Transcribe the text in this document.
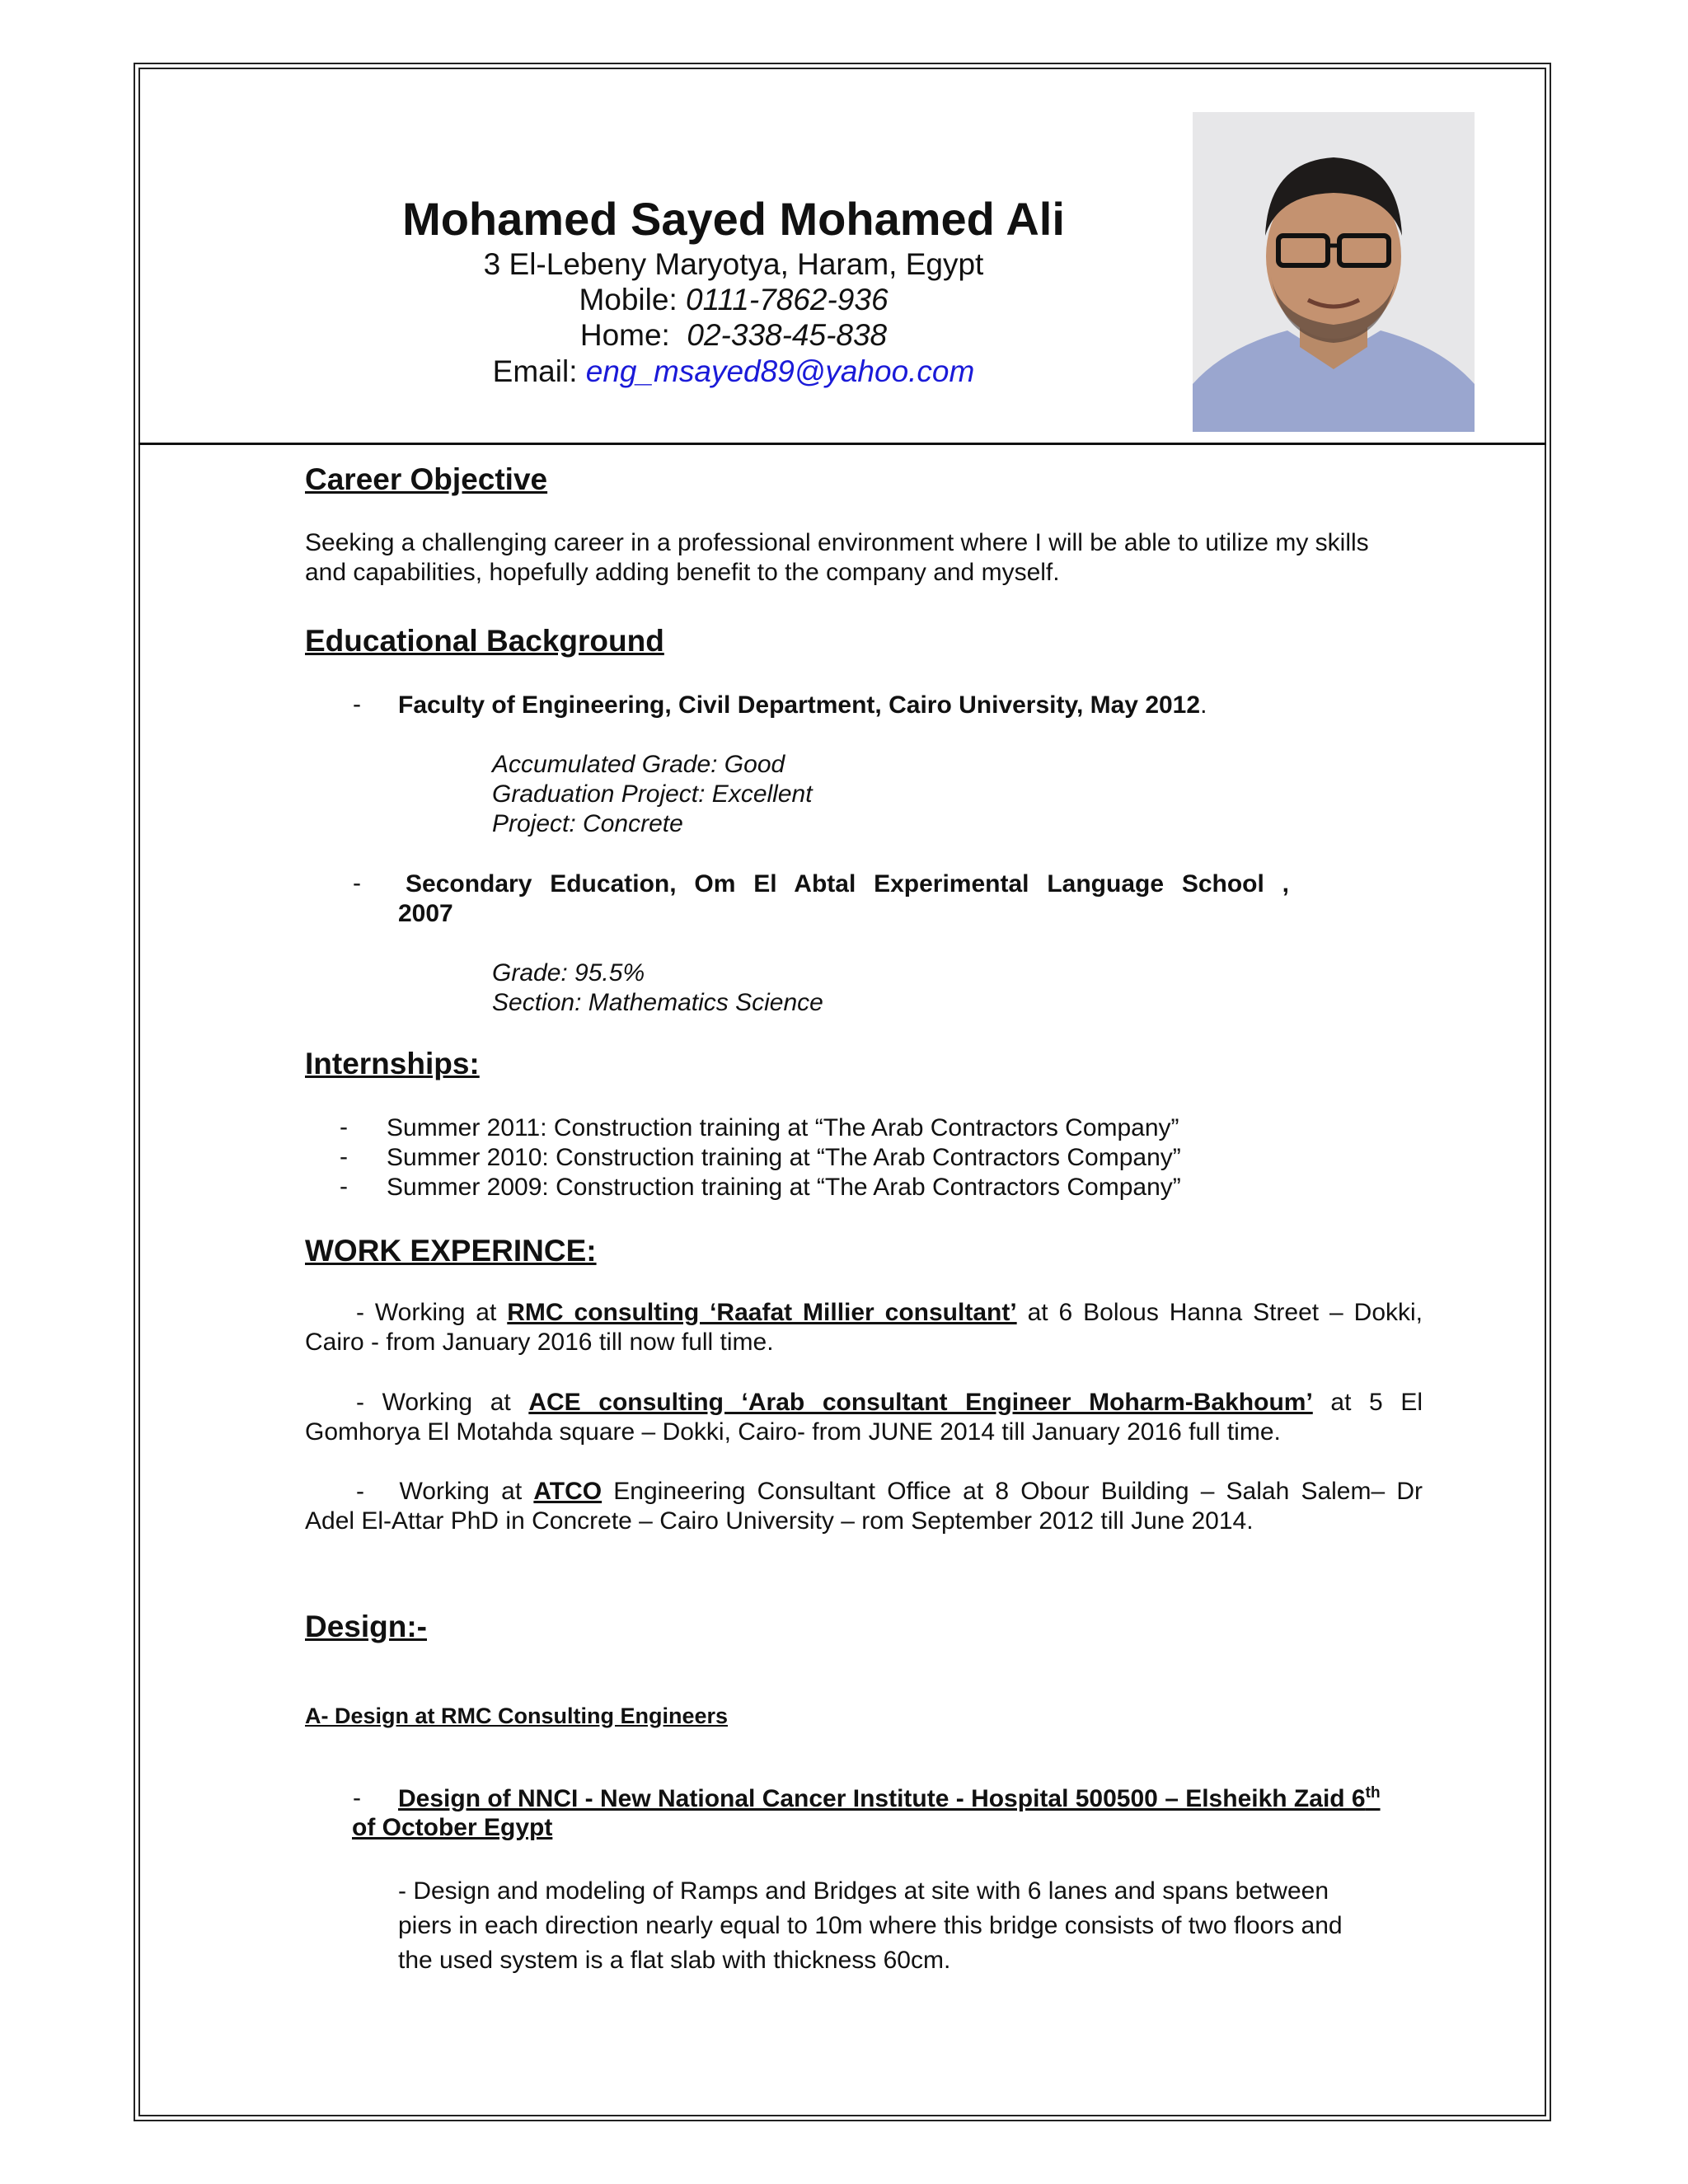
Mohamed Sayed Mohamed Ali
3 El-Lebeny Maryotya, Haram, Egypt
Mobile: 0111-7862-936
Home:  02-338-45-838
Email: eng_msayed89@yahoo.com
Career Objective
Seeking a challenging career in a professional environment where I will be able to utilize my skills
and capabilities, hopefully adding benefit to the company and myself.
Educational Background
- Faculty of Engineering, Civil Department, Cairo University, May 2012.
Accumulated Grade: Good
Graduation Project: Excellent
Project: Concrete
- Secondary Education, Om El Abtal Experimental Language School ,
2007
Grade: 95.5%
Section: Mathematics Science
Internships:
- Summer 2011: Construction training at “The Arab Contractors Company”
- Summer 2010: Construction training at “The Arab Contractors Company”
- Summer 2009: Construction training at “The Arab Contractors Company”
WORK EXPERINCE:
- Working at RMC consulting ‘Raafat Millier consultant’ at 6 Bolous Hanna Street – Dokki,
Cairo - from January 2016 till now full time.
- Working at ACE consulting ‘Arab consultant Engineer Moharm-Bakhoum’ at 5 El
Gomhorya El Motahda square – Dokki, Cairo- from JUNE 2014 till January 2016 full time.
-   Working at ATCO Engineering Consultant Office at 8 Obour Building – Salah Salem– Dr
Adel El-Attar PhD in Concrete – Cairo University – rom September 2012 till June 2014.
Design:-
A- Design at RMC Consulting Engineers
- Design of NNCI - New National Cancer Institute - Hospital 500500 – Elsheikh Zaid 6th
of October Egypt
- Design and modeling of Ramps and Bridges at site with 6 lanes and spans between
piers in each direction nearly equal to 10m where this bridge consists of two floors and
the used system is a flat slab with thickness 60cm.
